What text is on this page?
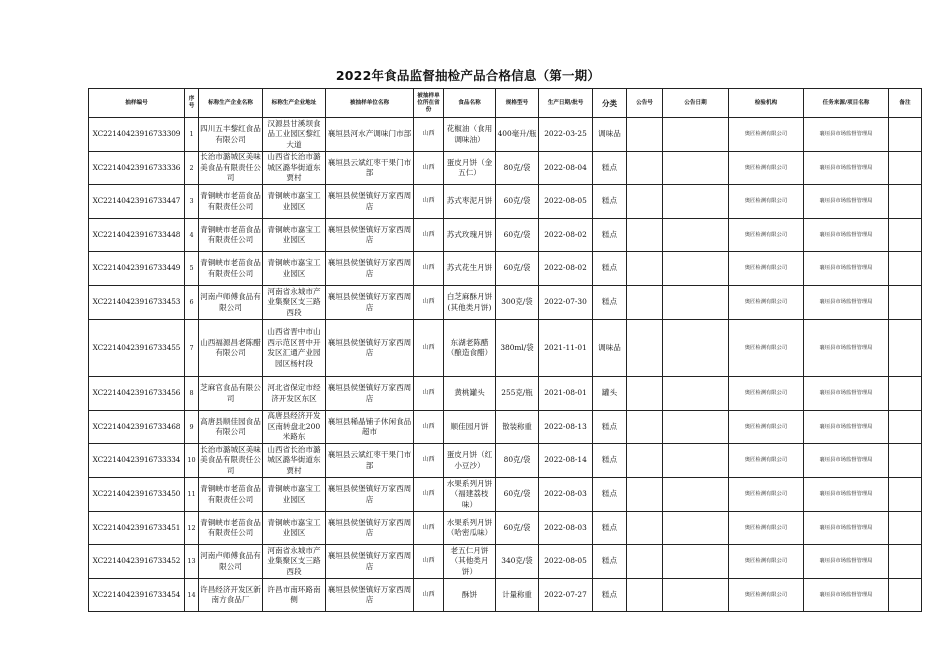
2022年食品监督抽检产品合格信息（第一期）
抽样编号	序号	标称生产企业名称	标称生产企业地址	被抽样单位名称	被抽样单位所在省份	食品名称	规格型号	生产日期/批号	分类	公告号	公告日期	检验机构	任务来源/项目名称	备注
XC22140423916733309	1	四川五丰黎红食品有限公司	汉源县甘溪坝食品工业园区黎红大道	襄垣县河水产调味门市部	山西	花椒油（食用调味油）	400毫升/瓶	2022-03-25	调味品			奥匠检测有限公司	襄垣县市场监督管理局	
XC22140423916733336	2	长治市潞城区美味美食品有限责任公司	山西省长治市潞城区潞华街道东贾村	襄垣县云斌红枣干果门市部	山西	蛋皮月饼（金五仁）	80克/袋	2022-08-04	糕点			奥匠检测有限公司	襄垣县市场监督管理局	
XC22140423916733447	3	青铜峡市老苗食品有限责任公司	青铜峡市嘉宝工业园区	襄垣县侯堡镇好万家西周店	山西	苏式枣泥月饼	60克/袋	2022-08-05	糕点			奥匠检测有限公司	襄垣县市场监督管理局	
XC22140423916733448	4	青铜峡市老苗食品有限责任公司	青铜峡市嘉宝工业园区	襄垣县侯堡镇好万家西周店	山西	苏式玫瑰月饼	60克/袋	2022-08-02	糕点			奥匠检测有限公司	襄垣县市场监督管理局	
XC22140423916733449	5	青铜峡市老苗食品有限责任公司	青铜峡市嘉宝工业园区	襄垣县侯堡镇好万家西周店	山西	苏式花生月饼	60克/袋	2022-08-02	糕点			奥匠检测有限公司	襄垣县市场监督管理局	
XC22140423916733453	6	河南卢师傅食品有限公司	河南省永城市产业集聚区支三路西段	襄垣县侯堡镇好万家西周店	山西	白芝麻酥月饼(其他类月饼)	300克/袋	2022-07-30	糕点			奥匠检测有限公司	襄垣县市场监督管理局	
XC22140423916733455	7	山西福源昌老陈醋有限公司	山西省晋中市山西示范区晋中开发区汇通产业园园区杨村段	襄垣县侯堡镇好万家西周店	山西	东湖老陈醋（酿造食醋）	380ml/袋	2021-11-01	调味品			奥匠检测有限公司	襄垣县市场监督管理局	
XC22140423916733456	8	芝麻官食品有限公司	河北省保定市经济开发区东区	襄垣县侯堡镇好万家西周店	山西	黄桃罐头	255克/瓶	2021-08-01	罐头			奥匠检测有限公司	襄垣县市场监督管理局	
XC22140423916733468	9	高唐县顺佳园食品有限公司	高唐县经济开发区南转盘北200米路东	襄垣县稀晶铺子休闲食品超市	山西	顺佳园月饼	散装称重	2022-08-13	糕点			奥匠检测有限公司	襄垣县市场监督管理局	
XC22140423916733334	10	长治市潞城区美味美食品有限责任公司	山西省长治市潞城区潞华街道东贾村	襄垣县云斌红枣干果门市部	山西	蛋皮月饼（红小豆沙）	80克/袋	2022-08-14	糕点			奥匠检测有限公司	襄垣县市场监督管理局	
XC22140423916733450	11	青铜峡市老苗食品有限责任公司	青铜峡市嘉宝工业园区	襄垣县侯堡镇好万家西周店	山西	水果系列月饼（福建荔枝味）	60克/袋	2022-08-03	糕点			奥匠检测有限公司	襄垣县市场监督管理局	
XC22140423916733451	12	青铜峡市老苗食品有限责任公司	青铜峡市嘉宝工业园区	襄垣县侯堡镇好万家西周店	山西	水果系列月饼（哈密瓜味）	60克/袋	2022-08-03	糕点			奥匠检测有限公司	襄垣县市场监督管理局	
XC22140423916733452	13	河南卢师傅食品有限公司	河南省永城市产业集聚区支三路西段	襄垣县侯堡镇好万家西周店	山西	老五仁月饼（其他类月饼）	340克/袋	2022-08-05	糕点			奥匠检测有限公司	襄垣县市场监督管理局	
XC22140423916733454	14	许昌经济开发区新南方食品厂	许昌市南环路南侧	襄垣县侯堡镇好万家西周店	山西	酥饼	计量称重	2022-07-27	糕点			奥匠检测有限公司	襄垣县市场监督管理局	
